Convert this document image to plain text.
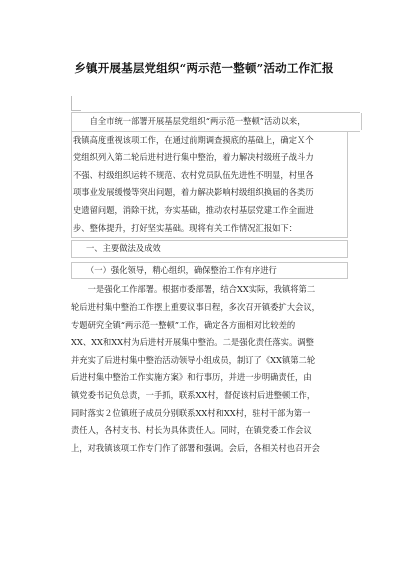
乡镇开展基层党组织“两示范一整顿”活动工作汇报
自全市统一部署开展基层党组织“两示范一整顿”活动以来，
我镇高度重视该项工作，在通过前期调查摸底的基础上，确定Ｘ个
党组织列入第二轮后进村进行集中整治，着力解决村级班子战斗力
不强、村级组织运转不规范、农村党员队伍先进性不明显，村里各
项事业发展缓慢等突出问题，着力解决影响村级组织换届的各类历
史遗留问题，消除干扰，夯实基础，推动农村基层党建工作全面进
步、整体提升，打好坚实基础。现将有关工作情况汇报如下：
一、主要做法及成效
（一）强化领导，精心组织，确保整治工作有序进行
一是强化工作部署。根据市委部署，结合XX实际，我镇将第二
轮后进村集中整治工作摆上重要议事日程，多次召开镇委扩大会议，
专题研究全镇“两示范一整顿”工作，确定各方面相对比较差的
XX、XX和XX村为后进村开展集中整治。二是强化责任落实。调整
并充实了后进村集中整治活动领导小组成员，制订了《XX镇第二轮
后进村集中整治工作实施方案》和行事历，并进一步明确责任，由
镇党委书记负总责，一手抓，联系XX村，督促该村后进整顿工作，
同时落实２位镇班子成员分别联系XX村和XX村，驻村干部为第一
责任人，各村支书、村长为具体责任人。同时，在镇党委工作会议
上，对我镇该项工作专门作了部署和强调。会后，各相关村也召开会
